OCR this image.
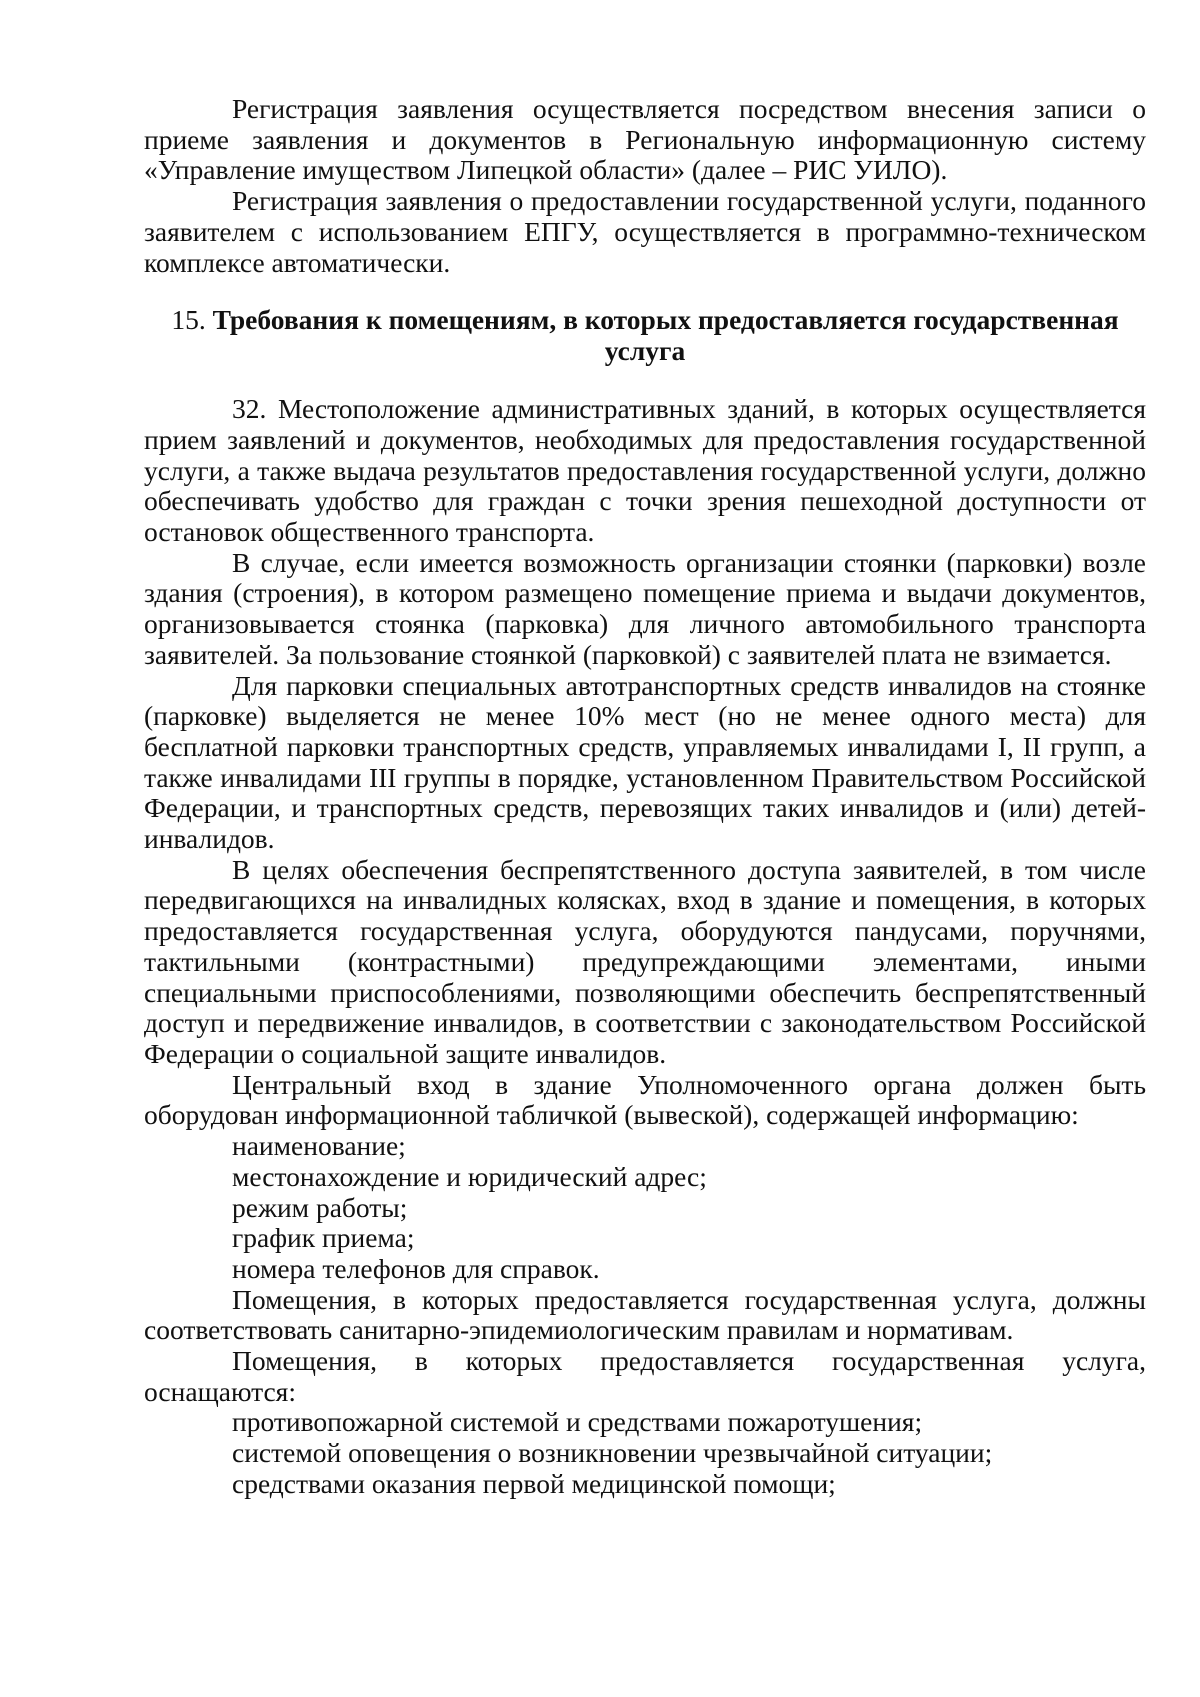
Регистрация заявления осуществляется посредством внесения записи о приеме заявления и документов в Региональную информационную систему «Управление имуществом Липецкой области» (далее – РИС УИЛО).

Регистрация заявления о предоставлении государственной услуги, поданного заявителем с использованием ЕПГУ, осуществляется в программно-техническом комплексе автоматически.

15. Требования к помещениям, в которых предоставляется государственная услуга

32. Местоположение административных зданий, в которых осуществляется прием заявлений и документов, необходимых для предоставления государственной услуги, а также выдача результатов предоставления государственной услуги, должно обеспечивать удобство для граждан с точки зрения пешеходной доступности от остановок общественного транспорта.

В случае, если имеется возможность организации стоянки (парковки) возле здания (строения), в котором размещено помещение приема и выдачи документов, организовывается стоянка (парковка) для личного автомобильного транспорта заявителей. За пользование стоянкой (парковкой) с заявителей плата не взимается.

Для парковки специальных автотранспортных средств инвалидов на стоянке (парковке) выделяется не менее 10% мест (но не менее одного места) для бесплатной парковки транспортных средств, управляемых инвалидами I, II групп, а также инвалидами III группы в порядке, установленном Правительством Российской Федерации, и транспортных средств, перевозящих таких инвалидов и (или) детей- инвалидов.

В целях обеспечения беспрепятственного доступа заявителей, в том числе передвигающихся на инвалидных колясках, вход в здание и помещения, в которых предоставляется государственная услуга, оборудуются пандусами, поручнями, тактильными (контрастными) предупреждающими элементами, иными специальными приспособлениями, позволяющими обеспечить беспрепятственный доступ и передвижение инвалидов, в соответствии с законодательством Российской Федерации о социальной защите инвалидов.

Центральный вход в здание Уполномоченного органа должен быть оборудован информационной табличкой (вывеской), содержащей информацию:

наименование;

местонахождение и юридический адрес;

режим работы;

график приема;

номера телефонов для справок.

Помещения, в которых предоставляется государственная услуга, должны соответствовать санитарно-эпидемиологическим правилам и нормативам.

Помещения, в которых предоставляется государственная услуга, оснащаются:

противопожарной системой и средствами пожаротушения;

системой оповещения о возникновении чрезвычайной ситуации;

средствами оказания первой медицинской помощи;
